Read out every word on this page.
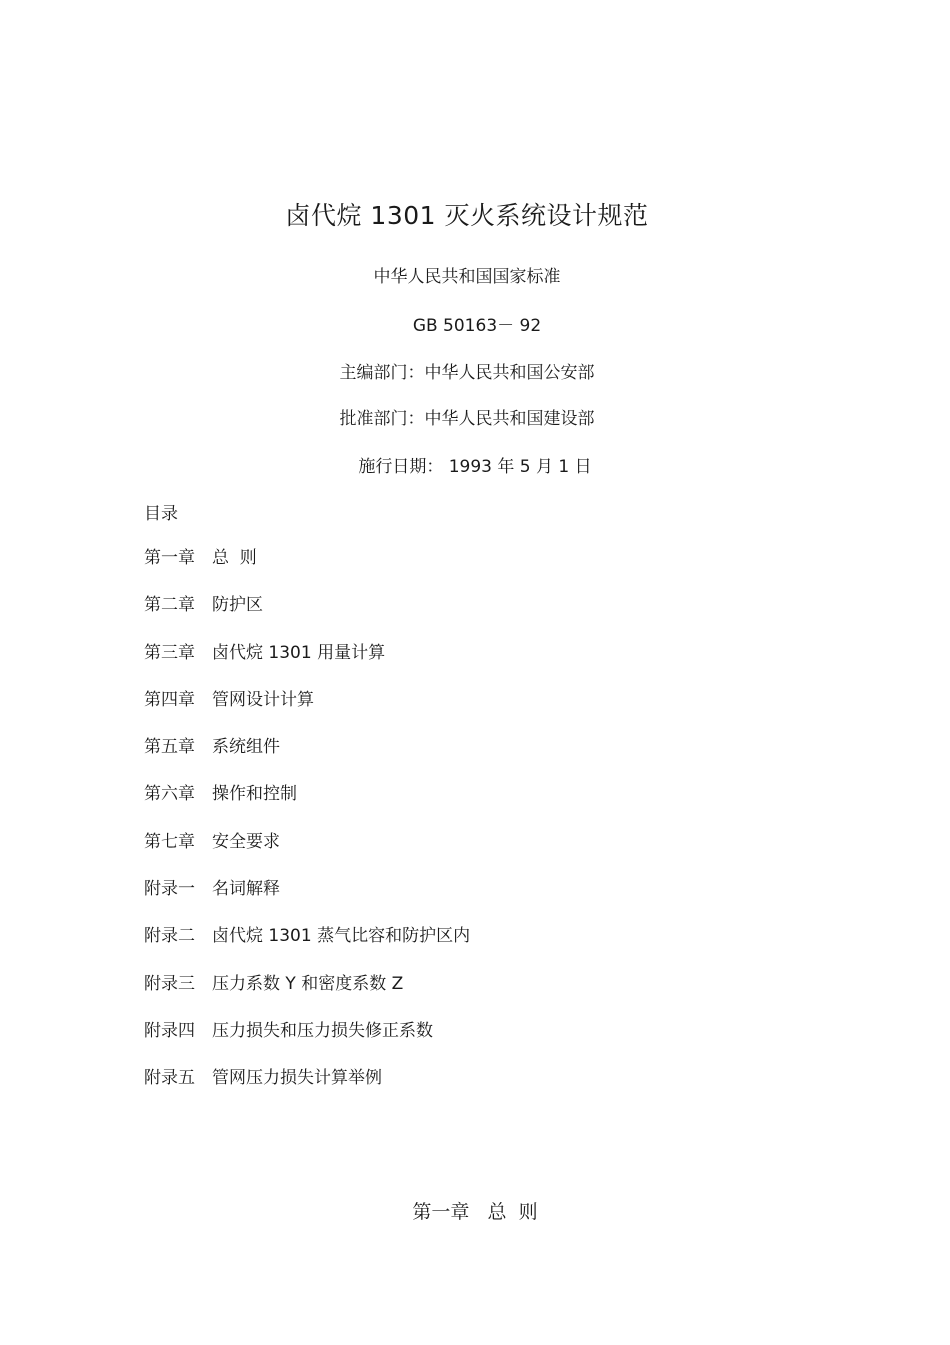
卤代烷 1301 灭火系统设计规范
中华人民共和国国家标准
GB 50163－ 92
主编部门：中华人民共和国公安部
批准部门：中华人民共和国建设部
施行日期： 1993 年 5 月 1 日
目录
第一章 总  则
第二章 防护区
第三章 卤代烷 1301 用量计算
第四章 管网设计计算
第五章 系统组件
第六章 操作和控制
第七章 安全要求
附录一 名词解释
附录二 卤代烷 1301 蒸气比容和防护区内
附录三 压力系数 Y 和密度系数 Z
附录四 压力损失和压力损失修正系数
附录五 管网压力损失计算举例
第一章   总  则
